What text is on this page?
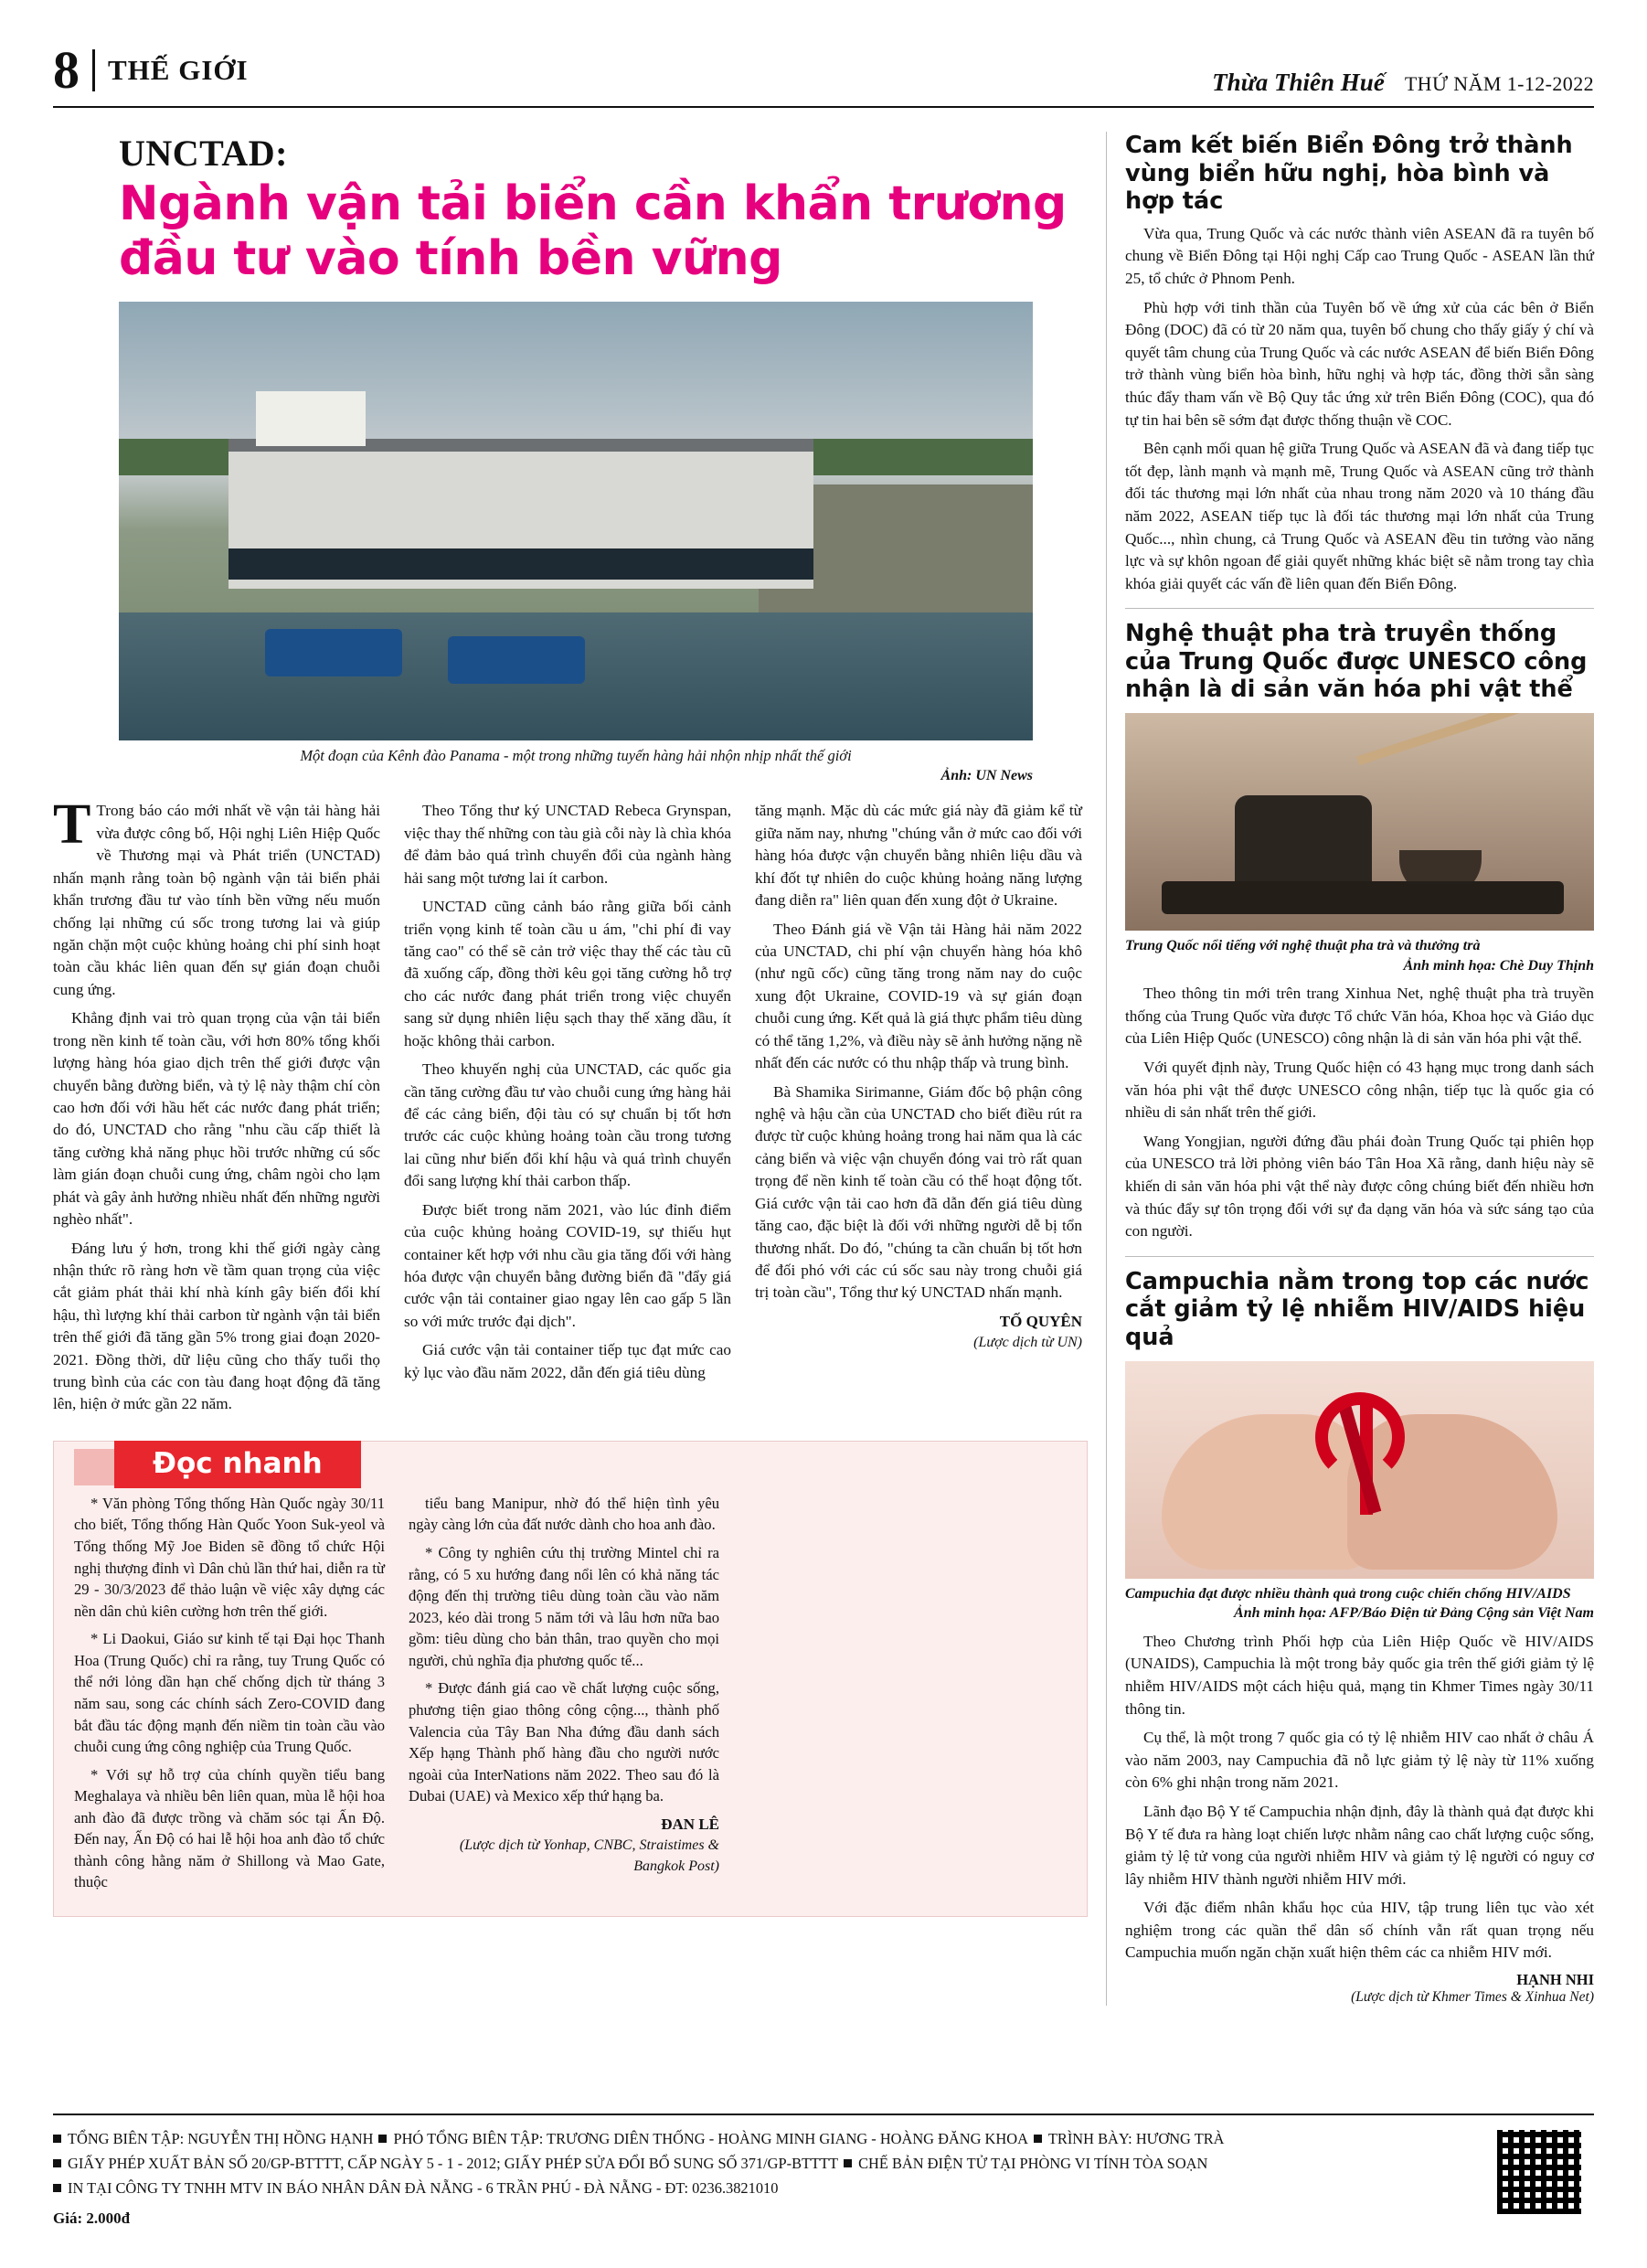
8 THẾ GIỚI	Thừa Thiên Huế THỨ NĂM 1-12-2022
UNCTAD:
Ngành vận tải biển cần khẩn trương đầu tư vào tính bền vững
Một đoạn của Kênh đào Panama - một trong những tuyến hàng hải nhộn nhịp nhất thế giới
Ảnh: UN News

T Trong báo cáo mới nhất về vận tải hàng hải vừa được công bố, Hội nghị Liên Hiệp Quốc về Thương mại và Phát triển (UNCTAD) nhấn mạnh rằng toàn bộ ngành vận tải biển phải khẩn trương đầu tư vào tính bền vững nếu muốn chống lại những cú sốc trong tương lai và giúp ngăn chặn một cuộc khủng hoảng chi phí sinh hoạt toàn cầu khác liên quan đến sự gián đoạn chuỗi cung ứng.

Khẳng định vai trò quan trọng của vận tải biển trong nền kinh tế toàn cầu, với hơn 80% tổng khối lượng hàng hóa giao dịch trên thế giới được vận chuyển bằng đường biển, và tỷ lệ này thậm chí còn cao hơn đối với hầu hết các nước đang phát triển; do đó, UNCTAD cho rằng "nhu cầu cấp thiết là tăng cường khả năng phục hồi trước những cú sốc làm gián đoạn chuỗi cung ứng, châm ngòi cho lạm phát và gây ảnh hưởng nhiều nhất đến những người nghèo nhất".

Đáng lưu ý hơn, trong khi thế giới ngày càng nhận thức rõ ràng hơn về tầm quan trọng của việc cắt giảm phát thải khí nhà kính gây biến đổi khí hậu, thì lượng khí thải carbon từ ngành vận tải biển trên thế giới đã tăng gần 5% trong giai đoạn 2020-2021. Đồng thời, dữ liệu cũng cho thấy tuổi thọ trung bình của các con tàu đang hoạt động đã tăng lên, hiện ở mức gần 22 năm.

Theo Tổng thư ký UNCTAD Rebeca Grynspan, việc thay thế những con tàu già cỗi này là chìa khóa để đảm bảo quá trình chuyển đổi của ngành hàng hải sang một tương lai ít carbon.

UNCTAD cũng cảnh báo rằng giữa bối cảnh triển vọng kinh tế toàn cầu u ám, "chi phí đi vay tăng cao" có thể sẽ cản trở việc thay thế các tàu cũ đã xuống cấp, đồng thời kêu gọi tăng cường hỗ trợ cho các nước đang phát triển trong việc chuyển sang sử dụng nhiên liệu sạch thay thế xăng dầu, ít hoặc không thải carbon.

Theo khuyến nghị của UNCTAD, các quốc gia cần tăng cường đầu tư vào chuỗi cung ứng hàng hải để các cảng biển, đội tàu có sự chuẩn bị tốt hơn trước các cuộc khủng hoảng toàn cầu trong tương lai cũng như biến đổi khí hậu và quá trình chuyển đổi sang lượng khí thải carbon thấp.

Được biết trong năm 2021, vào lúc đỉnh điểm của cuộc khủng hoảng COVID-19, sự thiếu hụt container kết hợp với nhu cầu gia tăng đối với hàng hóa được vận chuyển bằng đường biển đã "đẩy giá cước vận tải container giao ngay lên cao gấp 5 lần so với mức trước đại dịch".

Giá cước vận tải container tiếp tục đạt mức cao kỷ lục vào đầu năm 2022, dẫn đến giá tiêu dùng

tăng mạnh. Mặc dù các mức giá này đã giảm kể từ giữa năm nay, nhưng "chúng vẫn ở mức cao đối với hàng hóa được vận chuyển bằng nhiên liệu dầu và khí đốt tự nhiên do cuộc khủng hoảng năng lượng đang diễn ra" liên quan đến xung đột ở Ukraine.

Theo Đánh giá về Vận tải Hàng hải năm 2022 của UNCTAD, chi phí vận chuyển hàng hóa khô (như ngũ cốc) cũng tăng trong năm nay do cuộc xung đột Ukraine, COVID-19 và sự gián đoạn chuỗi cung ứng. Kết quả là giá thực phẩm tiêu dùng có thể tăng 1,2%, và điều này sẽ ảnh hưởng nặng nề nhất đến các nước có thu nhập thấp và trung bình.

Bà Shamika Sirimanne, Giám đốc bộ phận công nghệ và hậu cần của UNCTAD cho biết điều rút ra được từ cuộc khủng hoảng trong hai năm qua là các cảng biển và việc vận chuyển đóng vai trò rất quan trọng để nền kinh tế toàn cầu có thể hoạt động tốt. Giá cước vận tải cao hơn đã dẫn đến giá tiêu dùng tăng cao, đặc biệt là đối với những người dễ bị tổn thương nhất. Do đó, "chúng ta cần chuẩn bị tốt hơn để đối phó với các cú sốc sau này trong chuỗi giá trị toàn cầu", Tổng thư ký UNCTAD nhấn mạnh.

TỐ QUYÊN
(Lược dịch từ UN)
Đọc nhanh

* Văn phòng Tổng thống Hàn Quốc ngày 30/11 cho biết, Tổng thống Hàn Quốc Yoon Suk-yeol và Tổng thống Mỹ Joe Biden sẽ đồng tổ chức Hội nghị thượng đỉnh vì Dân chủ lần thứ hai, diễn ra từ 29 - 30/3/2023 để thảo luận về việc xây dựng các nền dân chủ kiên cường hơn trên thế giới.

* Li Daokui, Giáo sư kinh tế tại Đại học Thanh Hoa (Trung Quốc) chỉ ra rằng, tuy Trung Quốc có thể nới lỏng dần hạn chế chống dịch từ tháng 3 năm sau, song các chính sách Zero-COVID đang bắt đầu tác động mạnh đến niềm tin toàn cầu vào chuỗi cung ứng công nghiệp của Trung Quốc.

* Với sự hỗ trợ của chính quyền tiểu bang Meghalaya và nhiều bên liên quan, mùa lễ hội hoa anh đào đã được trồng và chăm sóc tại Ấn Độ. Đến nay, Ấn Độ có hai lễ hội hoa anh đào tổ chức thành công hằng năm ở Shillong và Mao Gate, thuộc

tiểu bang Manipur, nhờ đó thể hiện tình yêu ngày càng lớn của đất nước dành cho hoa anh đào.

* Công ty nghiên cứu thị trường Mintel chỉ ra rằng, có 5 xu hướng đang nổi lên có khả năng tác động đến thị trường tiêu dùng toàn cầu vào năm 2023, kéo dài trong 5 năm tới và lâu hơn nữa bao gồm: tiêu dùng cho bản thân, trao quyền cho mọi người, chủ nghĩa địa phương quốc tế...

* Được đánh giá cao về chất lượng cuộc sống, phương tiện giao thông công cộng..., thành phố Valencia của Tây Ban Nha đứng đầu danh sách Xếp hạng Thành phố hàng đầu cho người nước ngoài của InterNations năm 2022. Theo sau đó là Dubai (UAE) và Mexico xếp thứ hạng ba.

ĐAN LÊ
(Lược dịch từ Yonhap, CNBC, Straistimes & Bangkok Post)
Cam kết biến Biển Đông trở thành vùng biển hữu nghị, hòa bình và hợp tác

Vừa qua, Trung Quốc và các nước thành viên ASEAN đã ra tuyên bố chung về Biển Đông tại Hội nghị Cấp cao Trung Quốc - ASEAN lần thứ 25, tổ chức ở Phnom Penh.

Phù hợp với tinh thần của Tuyên bố về ứng xử của các bên ở Biển Đông (DOC) đã có từ 20 năm qua, tuyên bố chung cho thấy giấy ý chí và quyết tâm chung của Trung Quốc và các nước ASEAN để biến Biển Đông trở thành vùng biển hòa bình, hữu nghị và hợp tác, đồng thời sẵn sàng thúc đẩy tham vấn về Bộ Quy tắc ứng xử trên Biển Đông (COC), qua đó tự tin hai bên sẽ sớm đạt được thống thuận về COC.

Bên cạnh mối quan hệ giữa Trung Quốc và ASEAN đã và đang tiếp tục tốt đẹp, lành mạnh và mạnh mẽ, Trung Quốc và ASEAN cũng trở thành đối tác thương mại lớn nhất của nhau trong năm 2020 và 10 tháng đầu năm 2022, ASEAN tiếp tục là đối tác thương mại lớn nhất của Trung Quốc..., nhìn chung, cả Trung Quốc và ASEAN đều tin tưởng vào năng lực và sự khôn ngoan để giải quyết những khác biệt sẽ nằm trong tay chìa khóa giải quyết các vấn đề liên quan đến Biển Đông.

Nghệ thuật pha trà truyền thống của Trung Quốc được UNESCO công nhận là di sản văn hóa phi vật thể
Trung Quốc nổi tiếng với nghệ thuật pha trà và thưởng trà
Ảnh minh họa: Chè Duy Thịnh

Theo thông tin mới trên trang Xinhua Net, nghệ thuật pha trà truyền thống của Trung Quốc vừa được Tổ chức Văn hóa, Khoa học và Giáo dục của Liên Hiệp Quốc (UNESCO) công nhận là di sản văn hóa phi vật thể.

Với quyết định này, Trung Quốc hiện có 43 hạng mục trong danh sách văn hóa phi vật thể được UNESCO công nhận, tiếp tục là quốc gia có nhiều di sản nhất trên thế giới.

Wang Yongjian, người đứng đầu phái đoàn Trung Quốc tại phiên họp của UNESCO trả lời phỏng viên báo Tân Hoa Xã rằng, danh hiệu này sẽ khiến di sản văn hóa phi vật thể này được công chúng biết đến nhiều hơn và thúc đẩy sự tôn trọng đối với sự đa dạng văn hóa và sức sáng tạo của con người.

Campuchia nằm trong top các nước cắt giảm tỷ lệ nhiễm HIV/AIDS hiệu quả
Campuchia đạt được nhiều thành quả trong cuộc chiến chống HIV/AIDS
Ảnh minh họa: AFP/Báo Điện tử Đảng Cộng sản Việt Nam

Theo Chương trình Phối hợp của Liên Hiệp Quốc về HIV/AIDS (UNAIDS), Campuchia là một trong bảy quốc gia trên thế giới giảm tỷ lệ nhiễm HIV/AIDS một cách hiệu quả, mạng tin Khmer Times ngày 30/11 thông tin.

Cụ thể, là một trong 7 quốc gia có tỷ lệ nhiễm HIV cao nhất ở châu Á vào năm 2003, nay Campuchia đã nỗ lực giảm tỷ lệ này từ 11% xuống còn 6% ghi nhận trong năm 2021.

Lãnh đạo Bộ Y tế Campuchia nhận định, đây là thành quả đạt được khi Bộ Y tế đưa ra hàng loạt chiến lược nhằm nâng cao chất lượng cuộc sống, giảm tỷ lệ tử vong của người nhiễm HIV và giảm tỷ lệ người có nguy cơ lây nhiễm HIV thành người nhiễm HIV mới.

Với đặc điểm nhân khẩu học của HIV, tập trung liên tục vào xét nghiệm trong các quần thể dân số chính vẫn rất quan trọng nếu Campuchia muốn ngăn chặn xuất hiện thêm các ca nhiễm HIV mới.

HẠNH NHI
(Lược dịch từ Khmer Times & Xinhua Net)
TỔNG BIÊN TẬP: NGUYỄN THỊ HỒNG HẠNH	PHÓ TỔNG BIÊN TẬP: TRƯƠNG DIÊN THỐNG - HOÀNG MINH GIANG - HOÀNG ĐĂNG KHOA	TRÌNH BÀY: HƯƠNG TRÀ
GIẤY PHÉP XUẤT BẢN SỐ 20/GP-BTTTT, CẤP NGÀY 5 - 1 - 2012; GIẤY PHÉP SỬA ĐỔI BỔ SUNG SỐ 371/GP-BTTTT	CHẾ BẢN ĐIỆN TỬ TẠI PHÒNG VI TÍNH TÒA SOẠN
IN TẠI CÔNG TY TNHH MTV IN BÁO NHÂN DÂN ĐÀ NẴNG - 6 TRẦN PHÚ - ĐÀ NẴNG - ĐT: 0236.3821010
Giá: 2.000đ
